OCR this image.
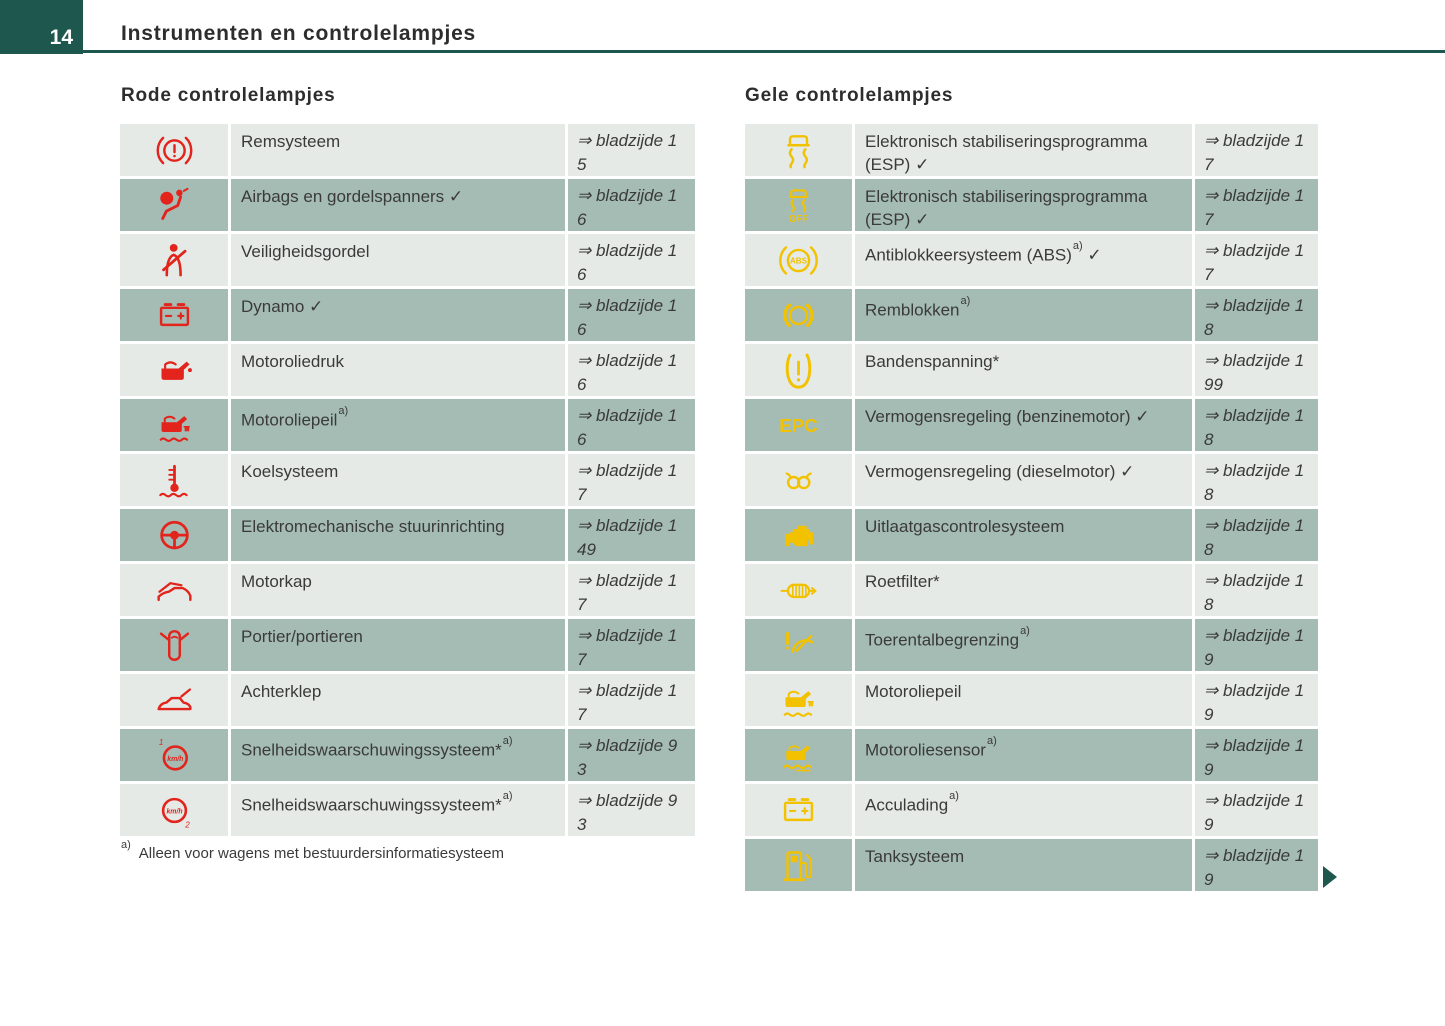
14 Instrumenten en controlelampjes
Rode controlelampjes
Remsysteem	⇒ bladzijde 1
5
Airbags en gordelspanners ✓	⇒ bladzijde 1
6
Veiligheidsgordel	⇒ bladzijde 1
6
Dynamo ✓	⇒ bladzijde 1
6
Motoroliedruk	⇒ bladzijde 1
6
Motoroliepeil$^{a)}$	⇒ bladzijde 1
6
Koelsysteem	⇒ bladzijde 1
7
Elektromechanische stuurinrichting	⇒ bladzijde 1
49
Motorkap	⇒ bladzijde 1
7
Portier/portieren	⇒ bladzijde 1
7
Achterklep	⇒ bladzijde 1
7
km/h
1	Snelheidswaarschuwingssysteem*$^{a)}$	⇒ bladzijde 9
3
km/h
2
Snelheidswaarschuwingssysteem*$^{a)}$	⇒ bladzijde 9
3

$^{a)}$ Alleen voor wagens met bestuurdersinformatiesysteem

Gele controlelampjes
Elektronisch stabiliseringsprogramma (ESP) ✓
⇒ bladzijde 1
7
OFF
Elektronisch stabiliseringsprogramma (ESP) ✓
⇒ bladzijde 1
7
ABS	Antiblokkeersysteem (ABS)$^{a)}$ ✓	⇒ bladzijde 1
7
Remblokken$^{a)}$	⇒ bladzijde 1
8
Bandenspanning*	⇒ bladzijde 1
99
EPC	Vermogensregeling (benzinemotor) ✓	⇒ bladzijde 1
8
Vermogensregeling (dieselmotor) ✓	⇒ bladzijde 1
8
Uitlaatgascontrolesysteem	⇒ bladzijde 1
8
Roetfilter*	⇒ bladzijde 1
8
Toerentalbegrenzing$^{a)}$	⇒ bladzijde 1
9
Motoroliepeil	⇒ bladzijde 1
9
Motoroliesensor$^{a)}$	⇒ bladzijde 1
9
Acculading$^{a)}$	⇒ bladzijde 1
9
Tanksysteem	⇒ bladzijde 1
9
